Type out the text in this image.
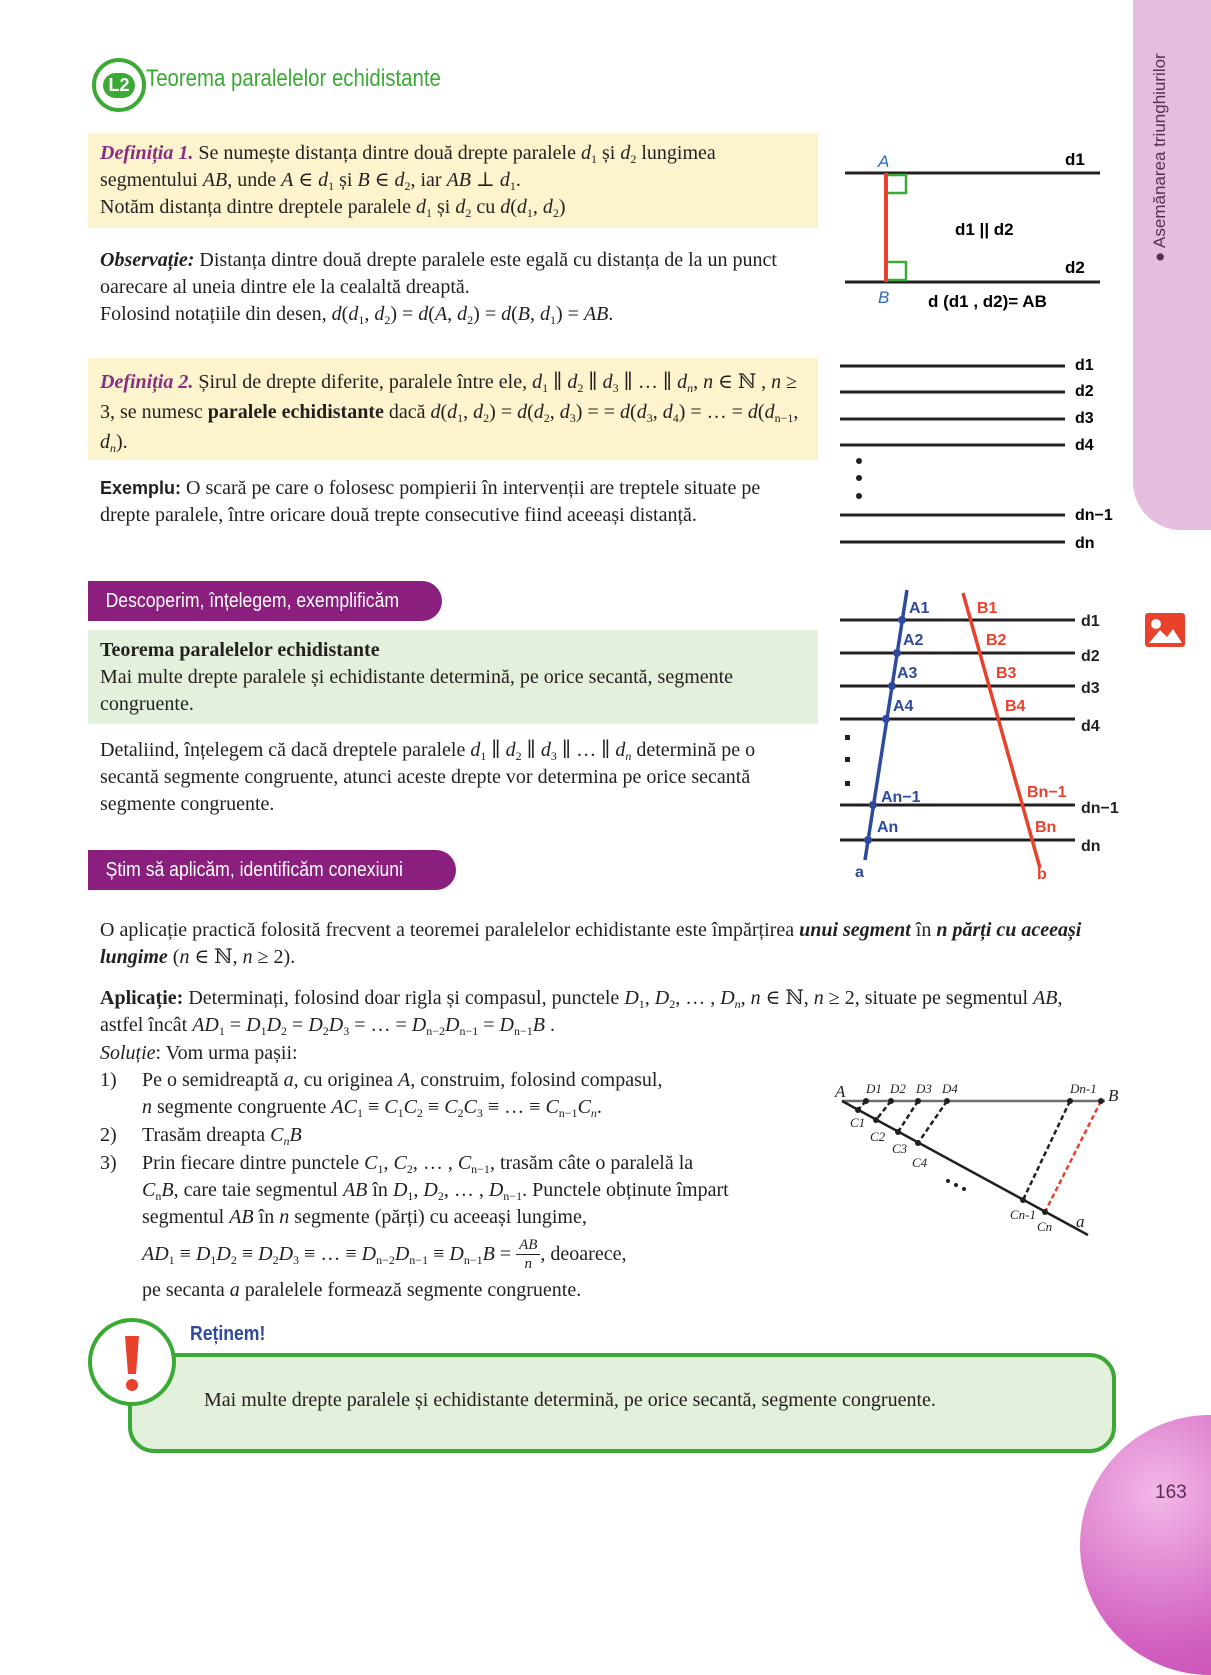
● Asemănarea triunghiurilor
L2 Teorema paralelelor echidistante
Definiția 1. Se numește distanța dintre două drepte paralele $d_1$ și $d_2$ lungimea
segmentului AB, unde A ∈ $d_1$ și B ∈ $d_2$, iar AB ⊥ $d_1$.
Notăm distanța dintre dreptele paralele $d_1$ și $d_2$ cu $d(d_1$, $d_2$)
Observație: Distanța dintre două drepte paralele este egală cu distanța de la un punct oarecare al uneia dintre ele la cealaltă dreaptă.
Folosind notațiile din desen, $d(d_1$, $d_2) = d(A$, $d_2) = d(B$, $d_1$) = AB.
Definiția 2. Șirul de drepte diferite, paralele între ele, $d_1$ ∥ $d_2$ ∥ $d_3$ ∥ … ∥ $d_n$, n ∈ ℕ , n ≥ 3, se numesc paralele echidistante dacă $d(d_1$, $d_2) = d(d_2$, $d_3$) = = $d(d_3$, $d_4$) = … = $d(d_{n-1}$, $d_n$).
Exemplu: O scară pe care o folosesc pompierii în intervenții are treptele situate pe drepte paralele, între oricare două trepte consecutive fiind aceeași distanță.
Descoperim, înțelegem, exemplificăm
Teorema paralelelor echidistante
Mai multe drepte paralele și echidistante determină, pe orice secantă, segmente congruente.
Detaliind, înțelegem că dacă dreptele paralele $d_1$ ∥ $d_2$ ∥ $d_3$ ∥ … ∥ $d_n$ determină pe o secantă segmente congruente, atunci aceste drepte vor determina pe orice secantă segmente congruente.
Știm să aplicăm, identificăm conexiuni
O aplicație practică folosită frecvent a teoremei paralelelor echidistante este împărțirea unui segment în n părți cu aceeași lungime (n ∈ ℕ, n ≥ 2).
Aplicație: Determinați, folosind doar rigla și compasul, punctele $D_1$, $D_2$, … , $D_n$, n ∈ ℕ, n ≥ 2, situate pe segmentul AB, astfel încât $AD_1 = D_1D_2 = D_2D_3$ = … = $D_{n-2}D_{n-1} = D_{n-1}B$ .
Soluție: Vom urma pașii:
1) Pe o semidreaptă a, cu originea A, construim, folosind compasul,
n segmente congruente $AC_1 \equiv C_1C_2 \equiv C_2C_3$ ≡ … ≡ $C_{n-1}C_n$.
2) Trasăm dreapta $C_nB$
3) Prin fiecare dintre punctele $C_1$, $C_2$, … , $C_{n-1}$, trasăm câte o paralelă la
$C_nB$, care taie segmentul AB în $D_1$, $D_2$, … , $D_{n-1}$. Punctele obținute împart
segmentul AB în n segmente (părți) cu aceeași lungime,
$AD_1 \equiv D_1D_2 \equiv D_2D_3$ ≡ … ≡ $D_{n-2}D_{n-1} \equiv D_{n-1}B = \frac{AB}{n}$ , deoarece,
pe secanta a paralelele formează segmente congruente.
A
B
d1
d2
d1 || d2
d (d1 , d2)= AB
d1
d2
d3
d4
dn−1
dn
A1
A2
A3
A4
An−1
An
a
B1
B2
B3
B4
Bn−1
Bn
b
d1
d2
d3
d4
dn−1
dn
A D1 D2 D3 D4	Dn-1 B
C1
C2
C3
C4
Cn-1
Cn a
Reținem!
Mai multe drepte paralele și echidistante determină, pe orice secantă, segmente congruente.
163
